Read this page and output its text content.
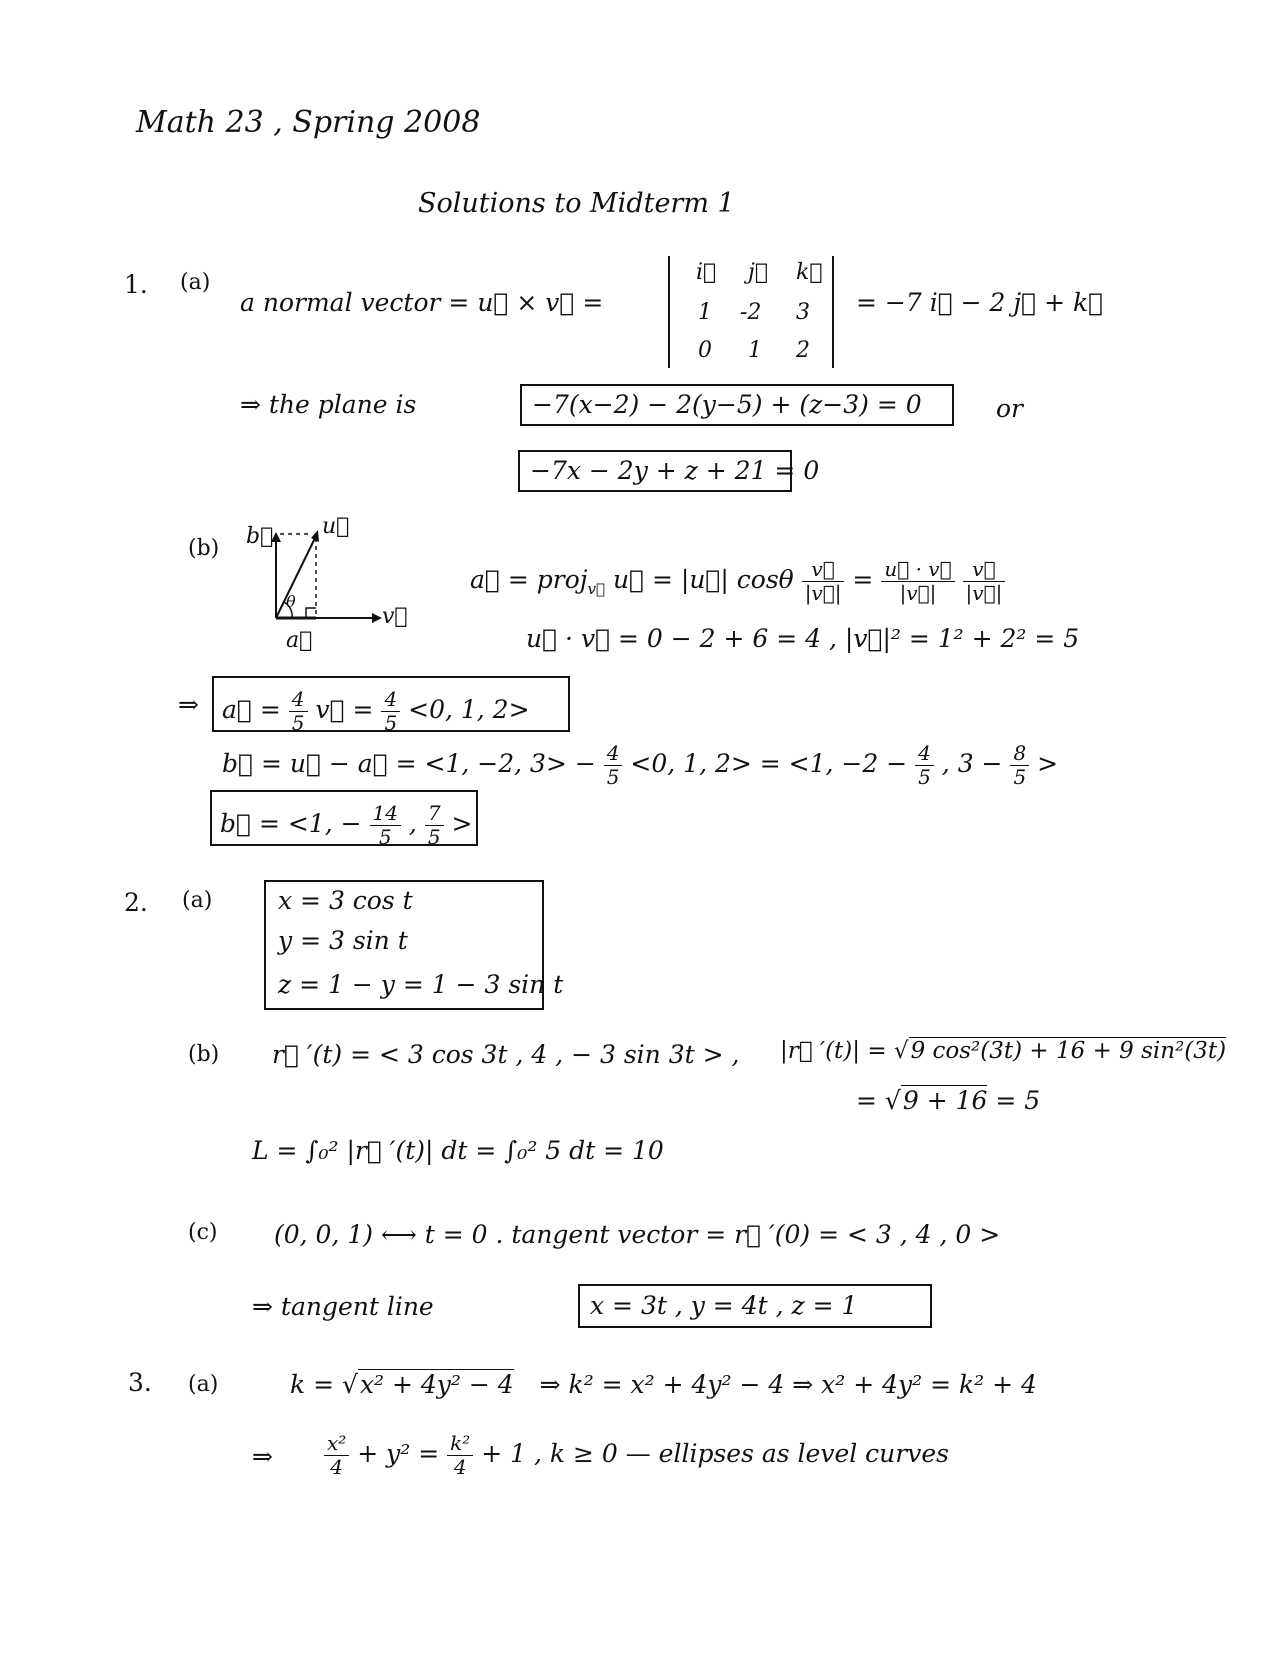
Math 23 , Spring 2008
Solutions to Midterm 1
1. (a)
a normal vector = u⃗ × v⃗ =
i⃗ j⃗ k⃗
1 -2 3
0 1 2
= −7 i⃗ − 2 j⃗ + k⃗
⇒ the plane is	−7(x−2) − 2(y−5) + (z−3) = 0	or
−7x − 2y + z + 21 = 0
(b) b⃗ u⃗
v⃗
a⃗
θ
a⃗ = proj$_{v⃗}$ u⃗ = |u⃗| cosθ $\frac{v⃗}{|v⃗|} = \frac{u⃗ \cdot v⃗}{|v⃗|}$
$\frac{v⃗}{|v⃗|}$
u⃗ · v⃗ = 0 − 2 + 6 = 4 , |v⃗|² = 1² + 2² = 5
⇒ a⃗ = $\frac{4}{5}$ v⃗ = $\frac{4}{5} <0$, 1, 2>
b⃗ = u⃗ − a⃗ = <1, −2, $3> - \frac{4}{5} <0$, 1, 2> = <1, $-2 - \frac{4}{5}$ , $3 - \frac{8}{5}$ >
b⃗ = <1, − $\frac{14}{5}$ , $\frac{7}{5}$ >
2. (a)	x = 3 cos t
y = 3 sin t
z = 1 − y = 1 − 3 sin t
(b) r⃗ ′(t) = < 3 cos 3t , 4 , − 3 sin 3t > , |r⃗ ′(t)| = √9 cos²(3t) + 16 + 9 sin²(3t)
= √9 + 16 = 5
L = ∫₀² |r⃗ ′(t)| dt = ∫₀² 5 dt = 10
(c) (0, 0, 1) ⟷ t = 0 . tangent vector = r⃗ ′(0) = < 3 , 4 , 0 >
⇒ tangent line	x = 3t , y = 4t , z = 1
3. (a)	k = √x² + 4y² − 4 ⇒ k² = x² + 4y² − 4 ⇒ x² + 4y² = k² + 4
⇒	$\frac{\text{x²}}{4} + y^2 = \frac{\text{k²}}{4} + 1$ , k ≥ 0 — ellipses as level curves
